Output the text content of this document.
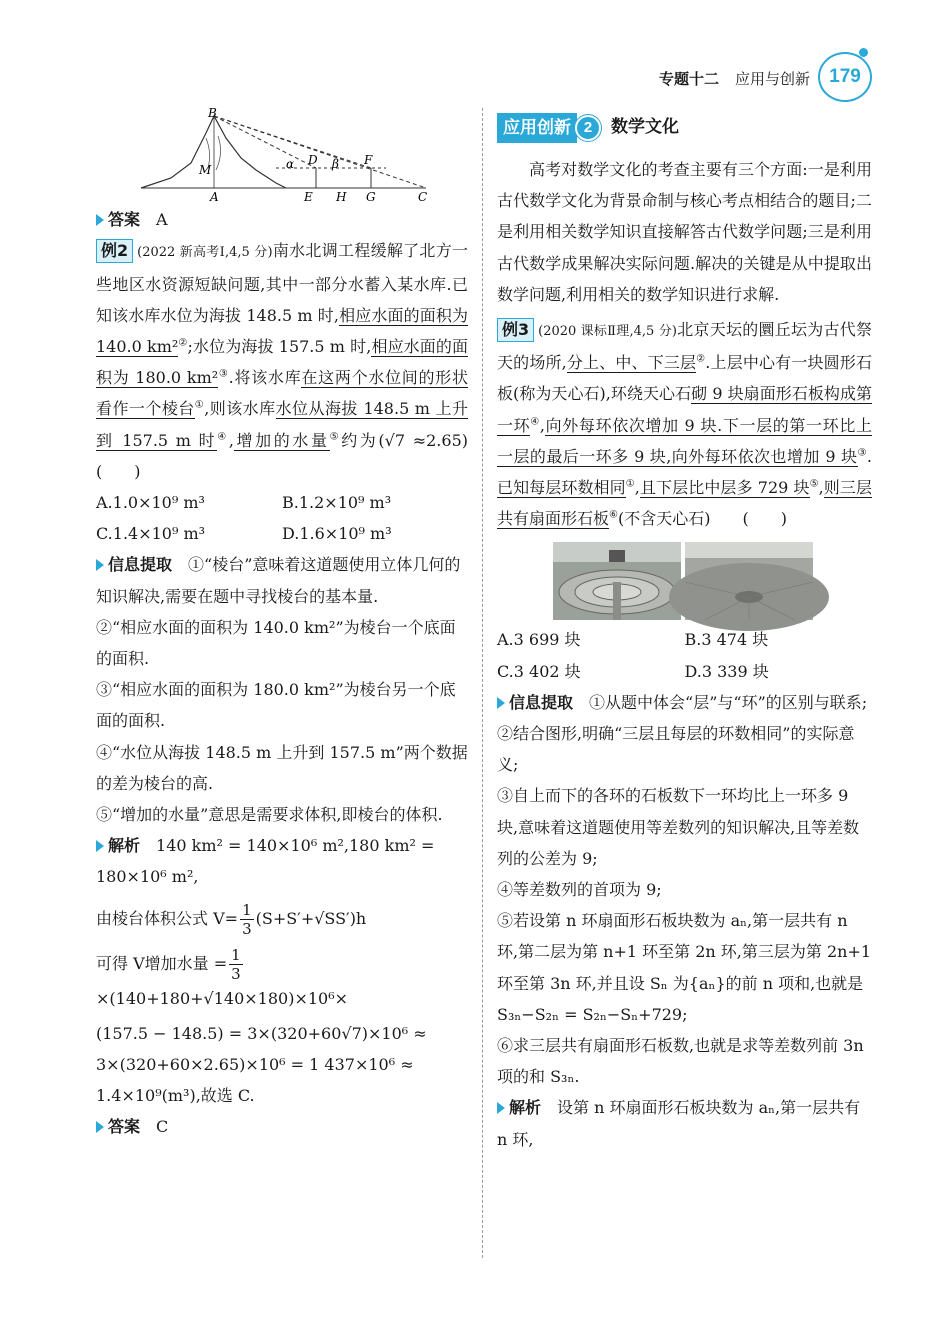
专题十二 应用与创新	179
B
M
A
α D β F
E H G	C

答案　 A

例2 (2022 新高考Ⅰ,4,5 分)南水北调工程缓解了北方一些地区水资源短缺问题,其中一部分水蓄入某水库.已知该水库水位为海拔 148.5 m 时,相应水面的面积为 140.0 km²②;水位为海拔 157.5 m 时,相应水面的面积为 180.0 km²③.将该水库在这两个水位间的形状看作一个棱台①,则该水库水位从海拔 148.5 m 上升到 157.5 m 时④,增加的水量⑤约为(√7 ≈2.65)　(　　)

A.1.0×10⁹ m³	B.1.2×10⁹ m³
C.1.4×10⁹ m³	D.1.6×10⁹ m³

信息提取　 ①“棱台”意味着这道题使用立体几何的知识解决,需要在题中寻找棱台的基本量.

②“相应水面的面积为 140.0 km²”为棱台一个底面的面积.

③“相应水面的面积为 180.0 km²”为棱台另一个底面的面积.

④“水位从海拔 148.5 m 上升到 157.5 m”两个数据的差为棱台的高.

⑤“增加的水量”意思是需要求体积,即棱台的体积.

解析　 140 km² = 140×10⁶ m²,180 km² = 180×10⁶ m²,

由棱台体积公式 $V= \frac{1}{3} (S+S'+√SS')h$

可得 V增加水量 = $\frac{1}{3}$
×(140+180+√140×180)×10⁶×

(157.5 − 148.5) = 3×(320+60√7)×10⁶ ≈ 3×(320+60×2.65)×10⁶ = 1 437×10⁶ ≈ 1.4×10⁹(m³),故选 C.

答案　 C

应用创新 2	数学文化

高考对数学文化的考查主要有三个方面:一是利用古代数学文化为背景命制与核心考点相结合的题目;二是利用相关数学知识直接解答古代数学问题;三是利用古代数学成果解决实际问题.解决的关键是从中提取出数学问题,利用相关的数学知识进行求解.

例3 (2020 课标Ⅱ理,4,5 分)北京天坛的圜丘坛为古代祭天的场所,分上、中、下三层②.上层中心有一块圆形石板(称为天心石),环绕天心石砌 9 块扇面形石板构成第一环④,向外每环依次增加 9 块.下一层的第一环比上一层的最后一环多 9 块,向外每环依次也增加 9 块③.已知每层环数相同①,且下层比中层多 729 块⑤,则三层共有扇面形石板⑥(不含天心石)　　(　　)

A.3 699 块	B.3 474 块
C.3 402 块	D.3 339 块

信息提取　 ①从题中体会“层”与“环”的区别与联系;

②结合图形,明确“三层且每层的环数相同”的实际意义;

③自上而下的各环的石板数下一环均比上一环多 9 块,意味着这道题使用等差数列的知识解决,且等差数列的公差为 9;

④等差数列的首项为 9;

⑤若设第 n 环扇面形石板块数为 aₙ,第一层共有 n 环,第二层为第 n+1 环至第 2n 环,第三层为第 2n+1 环至第 3n 环,并且设 Sₙ 为{aₙ}的前 n 项和,也就是 S₃ₙ−S₂ₙ = S₂ₙ−Sₙ+729;

⑥求三层共有扇面形石板数,也就是求等差数列前 3n 项的和 S₃ₙ.

解析　 设第 n 环扇面形石板块数为 aₙ,第一层共有 n 环,
